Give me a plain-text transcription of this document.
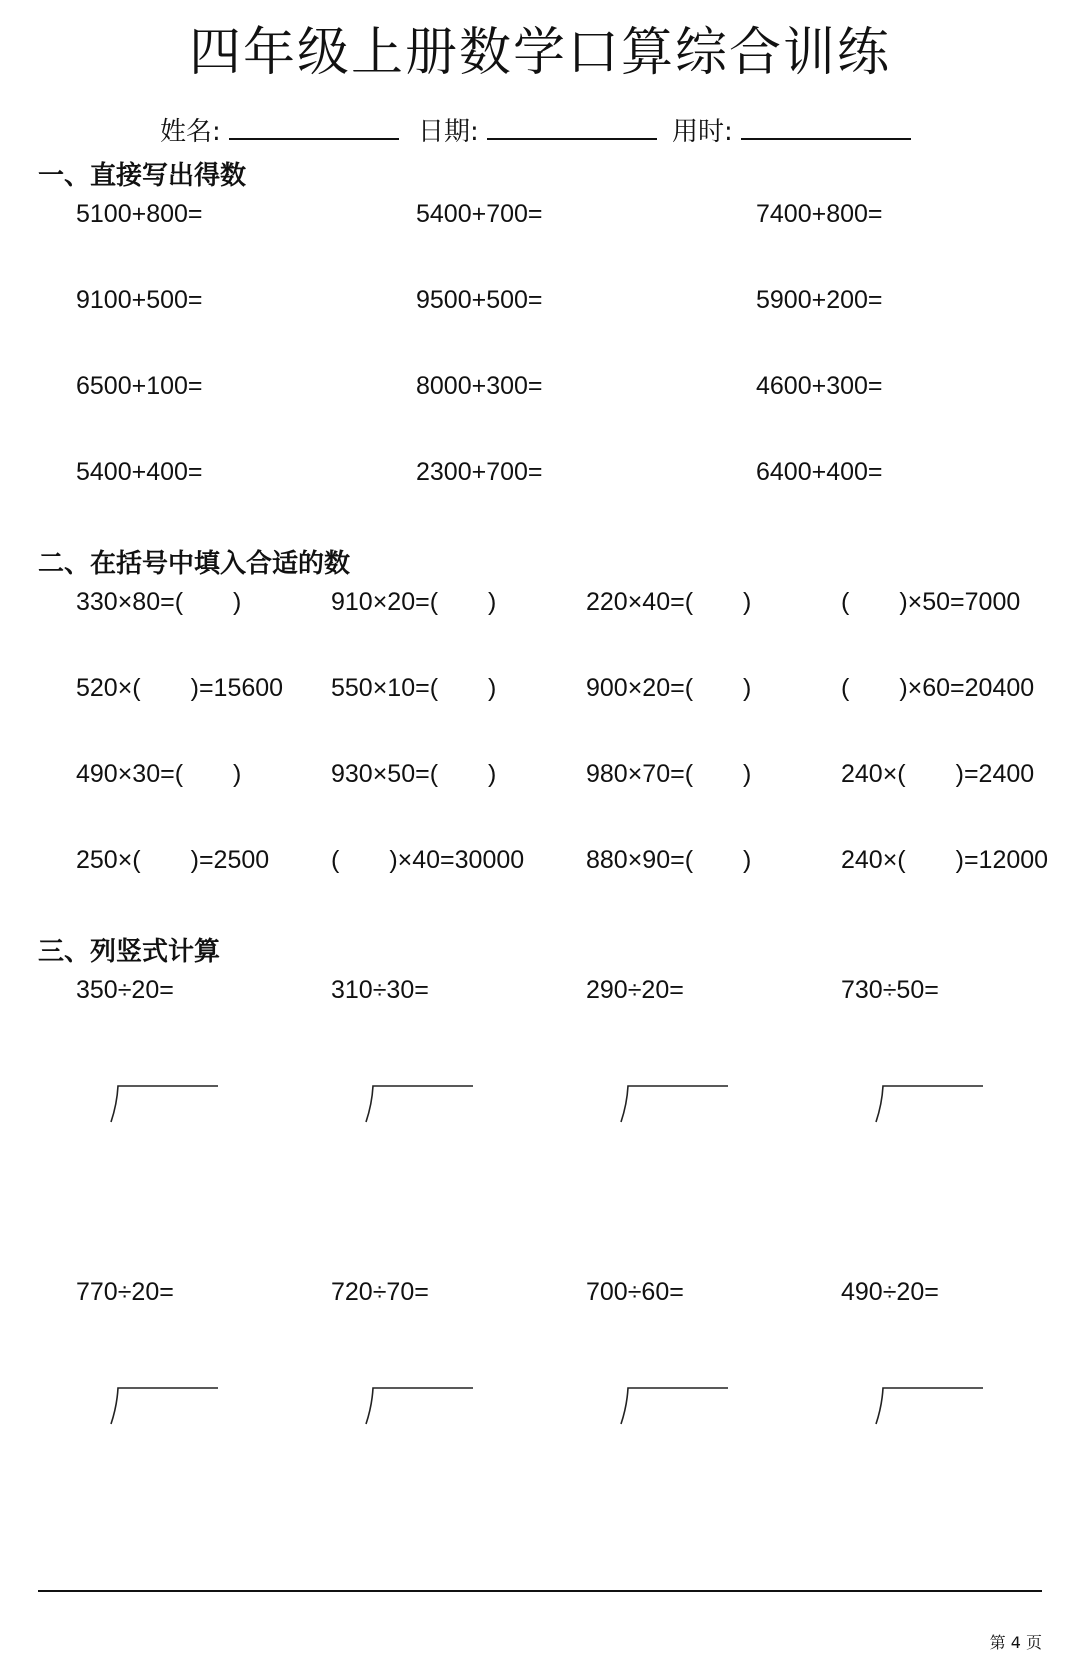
四年级上册数学口算综合训练
姓名:	日期:	用时:
一、直接写出得数
5100+800=	5400+700=	7400+800=
9100+500=	9500+500=	5900+200=
6500+100=	8000+300=	4600+300=
5400+400=	2300+700=	6400+400=
二、在括号中填入合适的数
330×80=(　　)	910×20=(　　)	220×40=(　　)	(　　)×50=7000
520×(　　)=15600 550×10=(　　)	900×20=(　　)	(　　)×60=20400
490×30=(　　)	930×50=(　　)	980×70=(　　)	240×(　　)=2400
250×(　　)=2500 (　　)×40=30000 880×90=(　　)	240×(　　)=12000
三、列竖式计算
350÷20=	310÷30=	290÷20=	730÷50=
770÷20=	720÷70=	700÷60=	490÷20=
第 4 页
